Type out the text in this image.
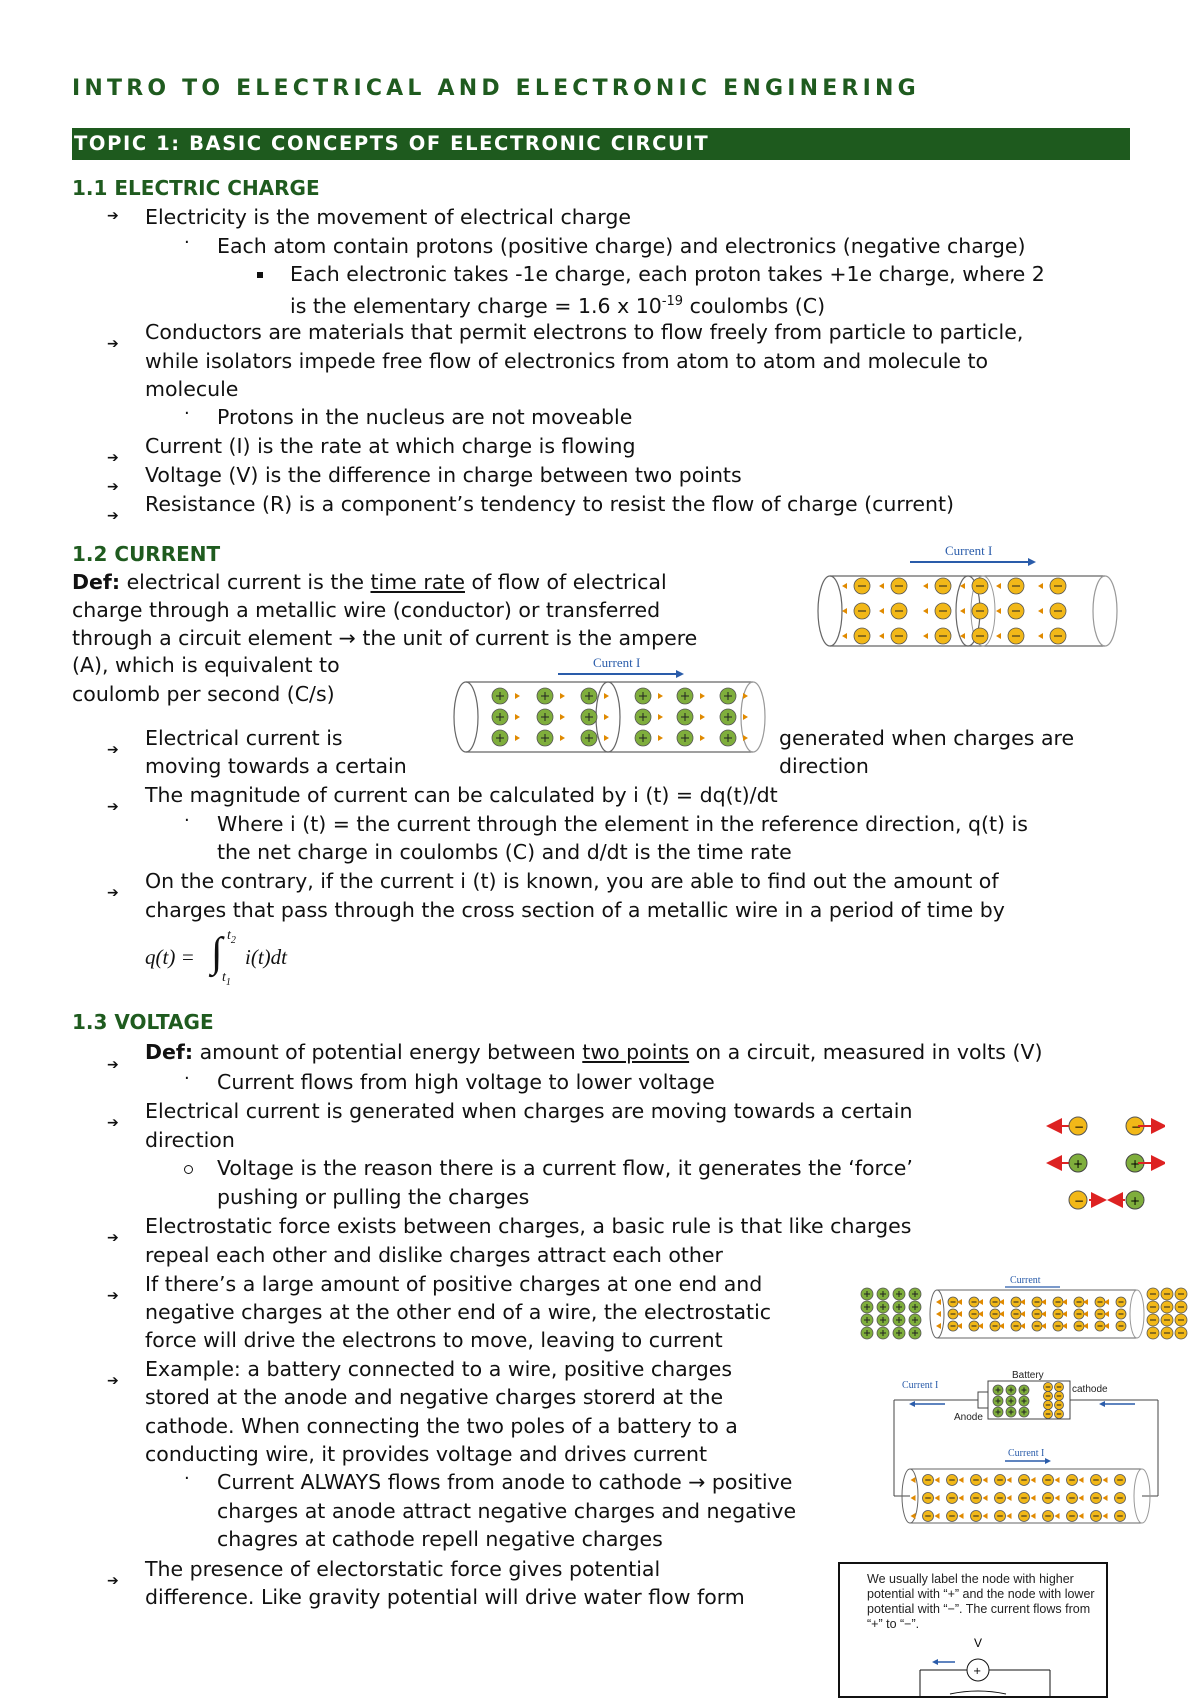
INTRO TO ELECTRICAL AND ELECTRONIC ENGINERING
TOPIC 1: BASIC CONCEPTS OF ELECTRONIC CIRCUIT
1.1 ELECTRIC CHARGE
➔ Electricity is the movement of electrical charge
· Each atom contain protons (positive charge) and electronics (negative charge)
Each electronic takes -1e charge, each proton takes +1e charge, where 2
is the elementary charge = 1.6 x $10^{-19}$ coulombs (C)
➔ Conductors are materials that permit electrons to flow freely from particle to particle,
while isolators impede free flow of electronics from atom to atom and molecule to
molecule
· Protons in the nucleus are not moveable
➔ Current (I) is the rate at which charge is flowing
➔ Voltage (V) is the difference in charge between two points
➔ Resistance (R) is a component’s tendency to resist the flow of charge (current)
1.2 CURRENT
Def: electrical current is the time rate of flow of electrical
charge through a metallic wire (conductor) or transferred
through a circuit element → the unit of current is the ampere
(A), which is equivalent to
coulomb per second (C/s)
Current I
Current I
➔ Electrical current is	generated when charges are
moving towards a certain	direction
➔ The magnitude of current can be calculated by i (t) = dq(t)/dt
· Where i (t) = the current through the element in the reference direction, q(t) is
the net charge in coulombs (C) and d/dt is the time rate
➔ On the contrary, if the current i (t) is known, you are able to find out the amount of
charges that pass through the cross section of a metallic wire in a period of time by
q(t) = ∫ $t_2$
$t_1$
i(t)dt
1.3 VOLTAGE
➔
Def: amount of potential energy between two points on a circuit, measured in volts (V)
· Current flows from high voltage to lower voltage
➔ Electrical current is generated when charges are moving towards a certain
direction
Voltage is the reason there is a current flow, it generates the ‘force’
pushing or pulling the charges
➔ Electrostatic force exists between charges, a basic rule is that like charges
repeal each other and dislike charges attract each other
➔ If there’s a large amount of positive charges at one end and
negative charges at the other end of a wire, the electrostatic
force will drive the electrons to move, leaving to current
➔ Example: a battery connected to a wire, positive charges
stored at the anode and negative charges storerd at the
cathode. When connecting the two poles of a battery to a
conducting wire, it provides voltage and drives current
· Current ALWAYS flows from anode to cathode → positive
charges at anode attract negative charges and negative
chagres at cathode repell negative charges
➔ The presence of electorstatic force gives potential
difference. Like gravity potential will drive water flow form
−	−
+	+
−	+
Current
Battery
Current I	cathode
Anode
Current I
We usually label the node with higher
potential with “+” and the node with lower
potential with “−”. The current flows from
“+” to “−”.
V
+
